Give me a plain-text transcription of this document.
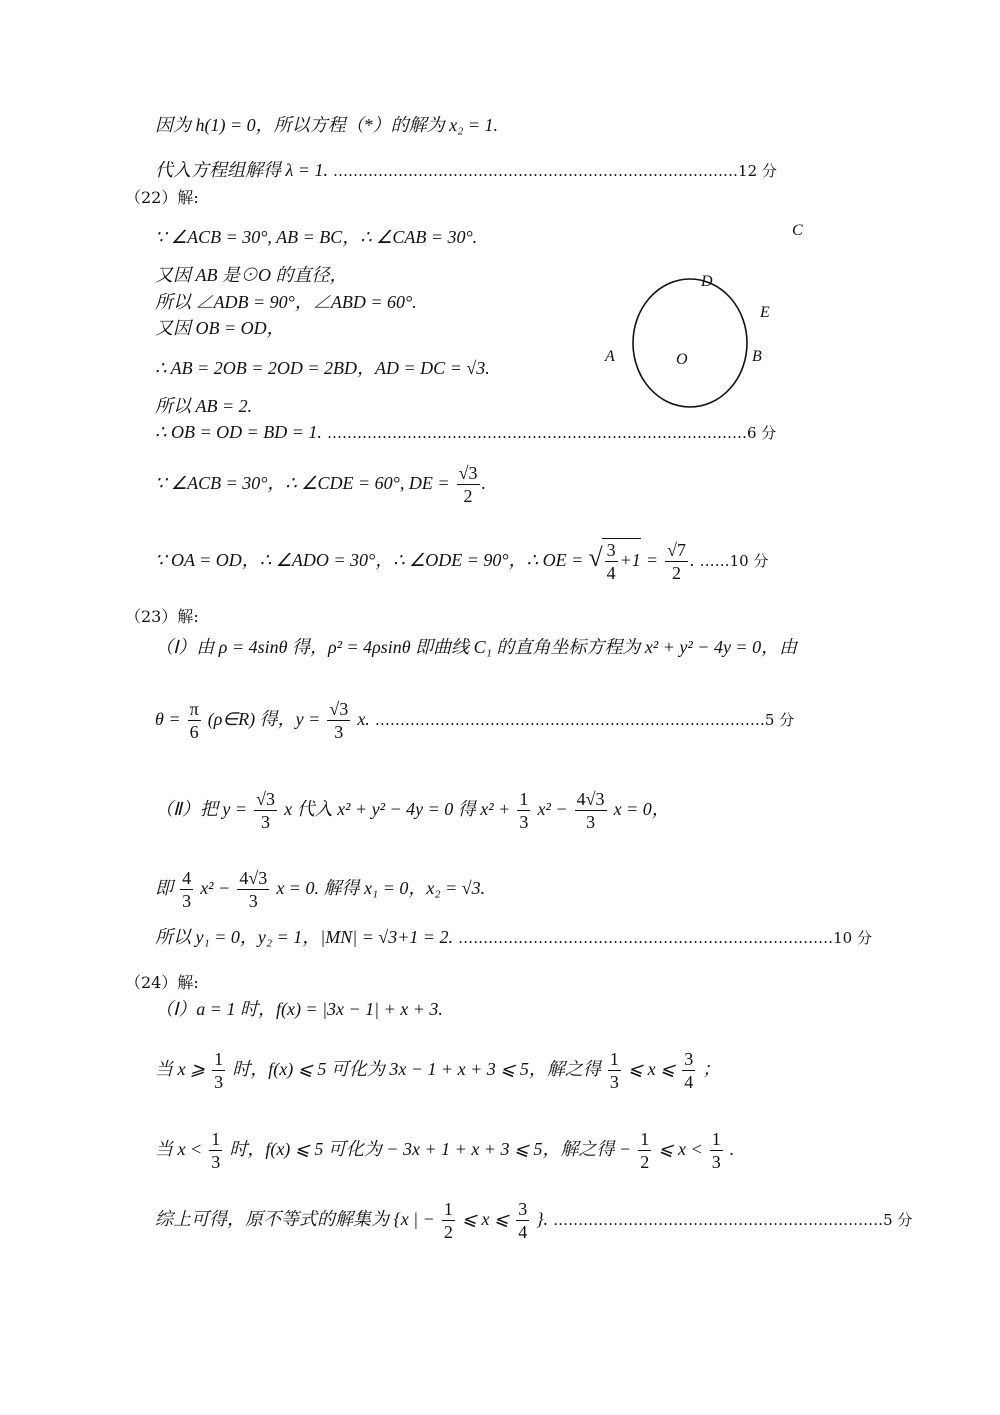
因为 h(1) = 0，所以方程（*）的解为 x₂ = 1.
代入方程组解得 λ = 1. ………………………………………………………………………12 分
（22）解:
∵ ∠ACB = 30°, AB = BC，∴ ∠CAB = 30°.
又因 AB 是⊙O 的直径，
所以 ∠ADB = 90°，∠ABD = 60°.
又因 OB = OD，
∴ AB = 2OB = 2OD = 2BD，AD = DC = √3.
所以 AB = 2.
∴ OB = OD = BD = 1. …………………………………………………………………………6 分
∵ ∠ACB = 30°，∴ ∠CDE = 60°, DE = $\frac{√3}{2}$ .
∵ OA = OD，∴ ∠ADO = 30°，∴ ∠ODE = 90°，∴ OE = √ $\frac{3}{4} +1 = \frac{√7}{2}$ . ……10 分
C
D
E
A	O	B
（23）解:
（Ⅰ）由 ρ = 4sinθ 得，ρ² = 4ρsinθ 即曲线 C₁ 的直角坐标方程为 x² + y² − 4y = 0，由
$\theta = \frac{\pi}{6}$ (ρ∈R) 得，$y = \frac{√3}{3} x$. ……………………………………………………………………5 分
（Ⅱ）把 $y = \frac{√3}{3}$ x 代入 x² + y² − 4y = 0 得 $x^2 + \frac{1}{3} x^2 - \frac{4√3}{3}$ x = 0，
即 $\frac{4}{3} x^2 - \frac{4√3}{3}$ x = 0. 解得 x₁ = 0，x₂ = √3.
所以 y₁ = 0，y₂ = 1，|MN| = √3+1 = 2. …………………………………………………………………10 分
（24）解:
（Ⅰ）a = 1 时，f(x) = |3x − 1| + x + 3.
当 x ⩾ $\frac{1}{3}$ 时，f(x) ⩽ 5 可化为 3x − 1 + x + 3 ⩽ 5，解之得 $\frac{1}{3}$ ⩽ x ⩽ $\frac{3}{4}$ ；
当 $x < \frac{1}{3}$ 时，f(x) ⩽ 5 可化为 − 3x + 1 + x + 3 ⩽ 5，解之得 − $\frac{1}{2}$ ⩽ $x < \frac{1}{3}$ .
综上可得，原不等式的解集为 {x | − $\frac{1}{2}$ ⩽ x ⩽ $\frac{3}{4}$ }. …………………………………………………………5 分
